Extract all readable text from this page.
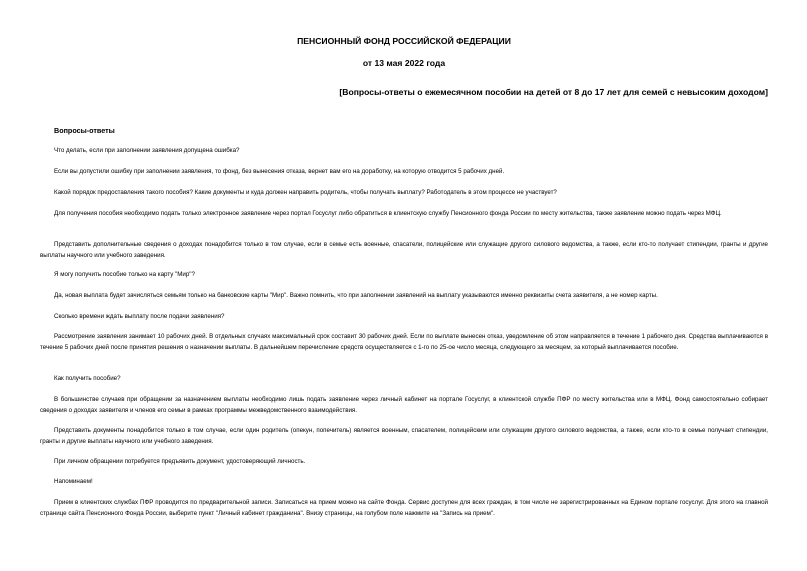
ПЕНСИОННЫЙ ФОНД РОССИЙСКОЙ ФЕДЕРАЦИИ
от 13 мая 2022 года
[Вопросы-ответы о ежемесячном пособии на детей от 8 до 17 лет для семей с невысоким доходом]
Вопросы-ответы

Что делать, если при заполнении заявления допущена ошибка?

Если вы допустили ошибку при заполнении заявления, то фонд, без вынесения отказа, вернет вам его на доработку, на которую отводится 5 рабочих дней.

Какой порядок предоставления такого пособия? Какие документы и куда должен направить родитель, чтобы получать выплату? Работодатель в этом процессе не участвует?

Для получения пособия необходимо подать только электронное заявление через портал Госуслуг либо обратиться в клиентскую службу Пенсионного фонда России по месту жительства, также заявление можно подать через МФЦ.

Представить дополнительные сведения о доходах понадобится только в том случае, если в семье есть военные, спасатели, полицейские или служащие другого силового ведомства, а также, если кто-то получает стипендии, гранты и другие выплаты научного или учебного заведения.

Я могу получить пособие только на карту "Мир"?

Да, новая выплата будет зачисляться семьям только на банковские карты "Мир". Важно помнить, что при заполнении заявлений на выплату указываются именно реквизиты счета заявителя, а не номер карты.

Сколько времени ждать выплату после подачи заявления?

Рассмотрение заявления занимает 10 рабочих дней. В отдельных случаях максимальный срок составит 30 рабочих дней. Если по выплате вынесен отказ, уведомление об этом направляется в течение 1 рабочего дня. Средства выплачиваются в течение 5 рабочих дней после принятия решения о назначении выплаты. В дальнейшем перечисление средств осуществляется с 1-го по 25-ое число месяца, следующего за месяцем, за который выплачивается пособие.

Как получить пособие?

В большинстве случаев при обращении за назначением выплаты необходимо лишь подать заявление через личный кабинет на портале Госуслуг, в клиентской службе ПФР по месту жительства или в МФЦ. Фонд самостоятельно собирает сведения о доходах заявителя и членов его семьи в рамках программы межведомственного взаимодействия.

Представить документы понадобится только в том случае, если один родитель (опекун, попечитель) является военным, спасателем, полицейским или служащим другого силового ведомства, а также, если кто-то в семье получает стипендии, гранты и другие выплаты научного или учебного заведения.

При личном обращении потребуется предъявить документ, удостоверяющий личность.

Напоминаем!

Прием в клиентских службах ПФР проводится по предварительной записи. Записаться на прием можно на сайте Фонда. Сервис доступен для всех граждан, в том числе не зарегистрированных на Едином портале госуслуг. Для этого на главной странице сайта Пенсионного Фонда России, выберите пункт "Личный кабинет гражданина". Внизу страницы, на голубом поле нажмите на "Запись на прием".
